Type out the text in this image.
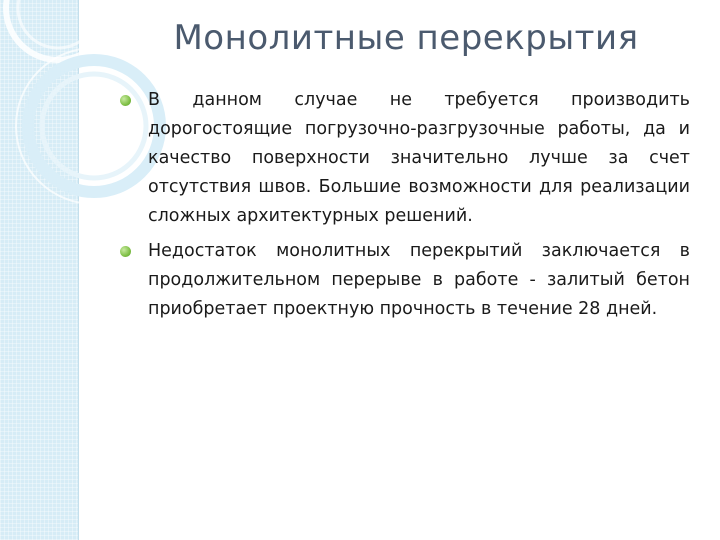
Монолитные перекрытия
В данном случае не требуется производить дорогостоящие погрузочно-разгрузочные работы, да и качество поверхности значительно лучше за счет отсутствия швов. Большие возможности для реализации сложных архитектурных решений.
Недостаток монолитных перекрытий заключается в продолжительном перерыве в работе - залитый бетон приобретает проектную прочность в течение 28 дней.
